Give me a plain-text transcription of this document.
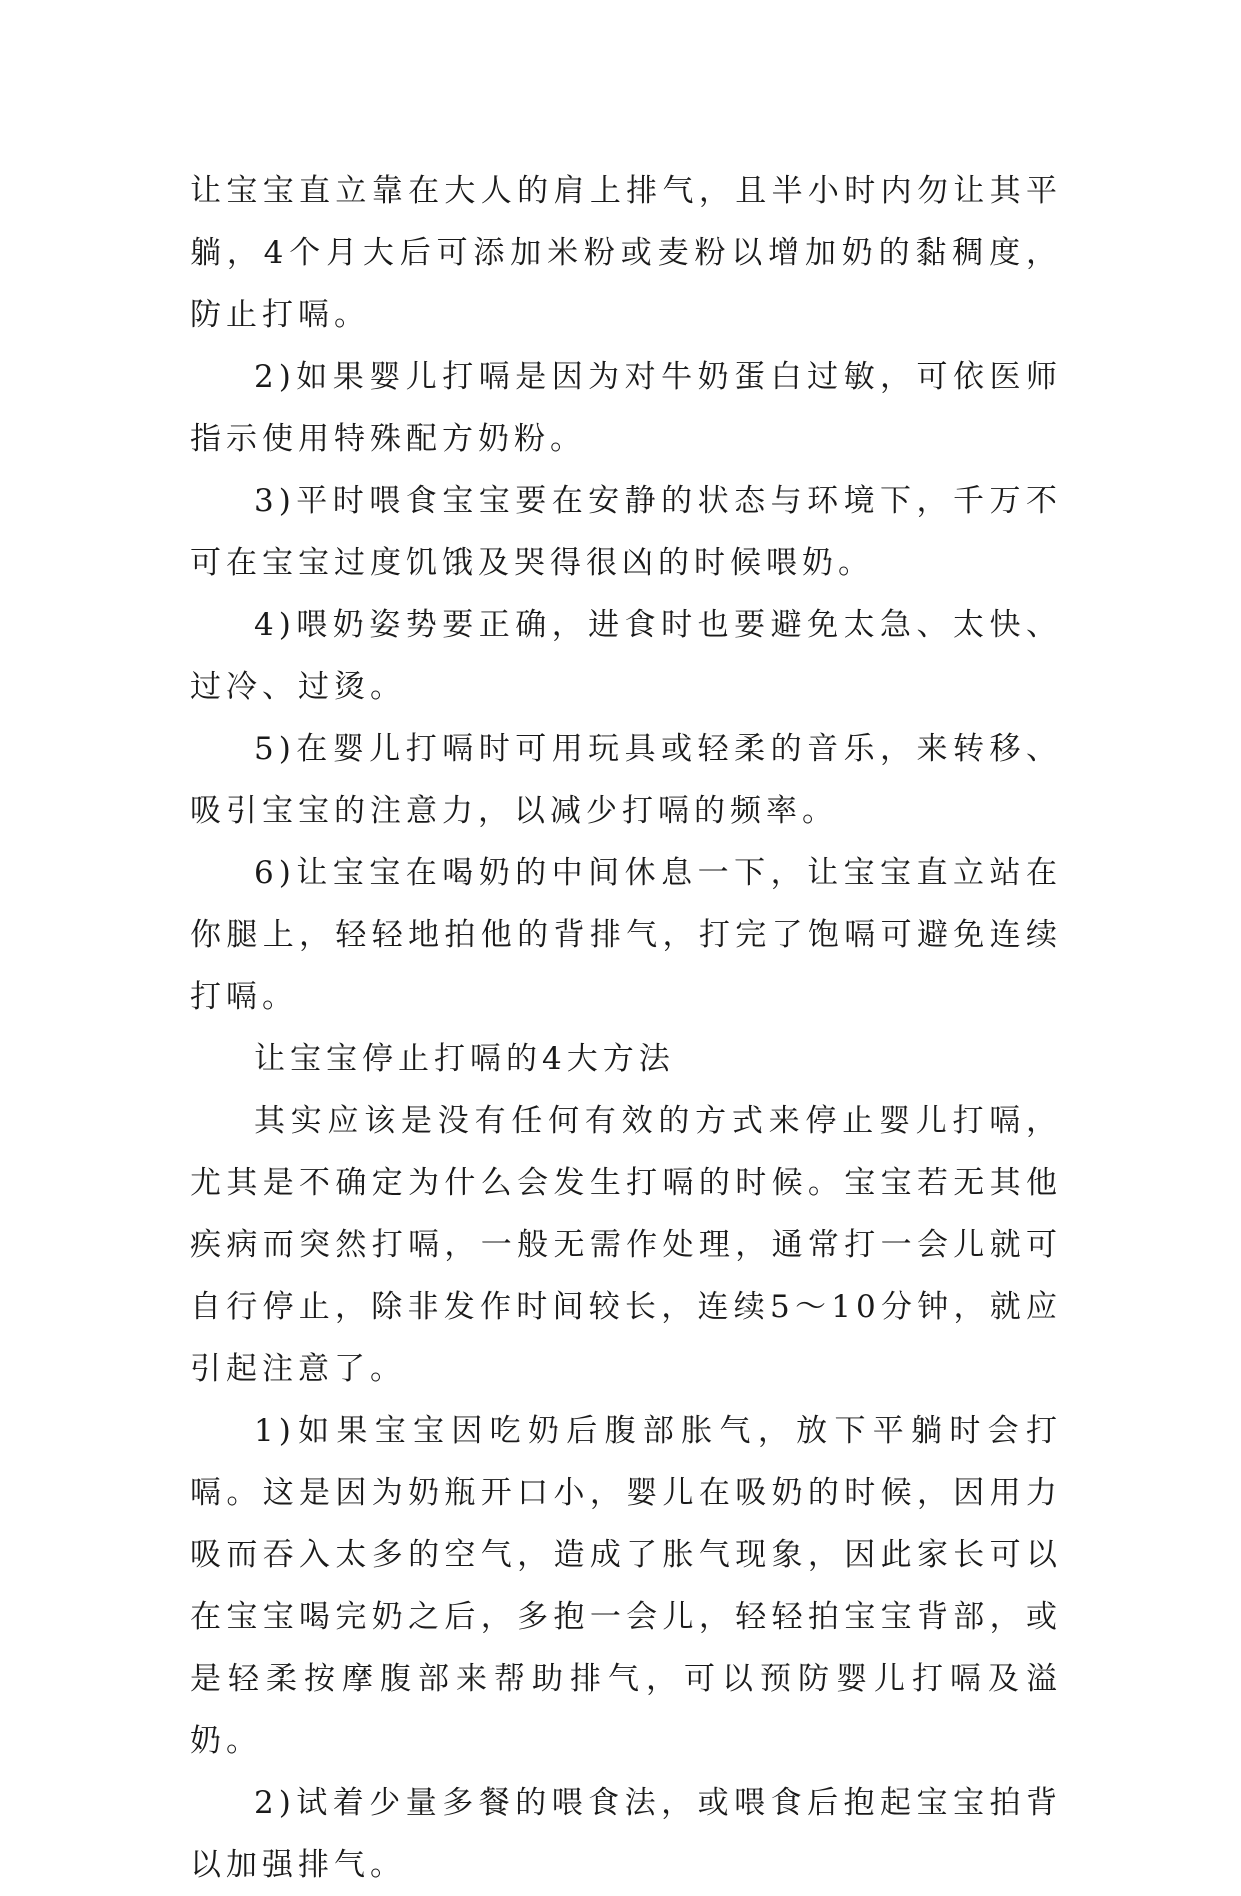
让宝宝直立靠在大人的肩上排气，且半小时内勿让其平躺，4个月大后可添加米粉或麦粉以增加奶的黏稠度，防止打嗝。

2)如果婴儿打嗝是因为对牛奶蛋白过敏，可依医师指示使用特殊配方奶粉。

3)平时喂食宝宝要在安静的状态与环境下，千万不可在宝宝过度饥饿及哭得很凶的时候喂奶。

4)喂奶姿势要正确，进食时也要避免太急、太快、过冷、过烫。

5)在婴儿打嗝时可用玩具或轻柔的音乐，来转移、吸引宝宝的注意力，以减少打嗝的频率。

6)让宝宝在喝奶的中间休息一下，让宝宝直立站在你腿上，轻轻地拍他的背排气，打完了饱嗝可避免连续打嗝。

让宝宝停止打嗝的4大方法

其实应该是没有任何有效的方式来停止婴儿打嗝，尤其是不确定为什么会发生打嗝的时候。宝宝若无其他疾病而突然打嗝，一般无需作处理，通常打一会儿就可自行停止，除非发作时间较长，连续5～10分钟，就应引起注意了。

1)如果宝宝因吃奶后腹部胀气，放下平躺时会打嗝。这是因为奶瓶开口小，婴儿在吸奶的时候，因用力吸而吞入太多的空气，造成了胀气现象，因此家长可以在宝宝喝完奶之后，多抱一会儿，轻轻拍宝宝背部，或是轻柔按摩腹部来帮助排气，可以预防婴儿打嗝及溢奶。

2)试着少量多餐的喂食法，或喂食后抱起宝宝拍背以加强排气。
